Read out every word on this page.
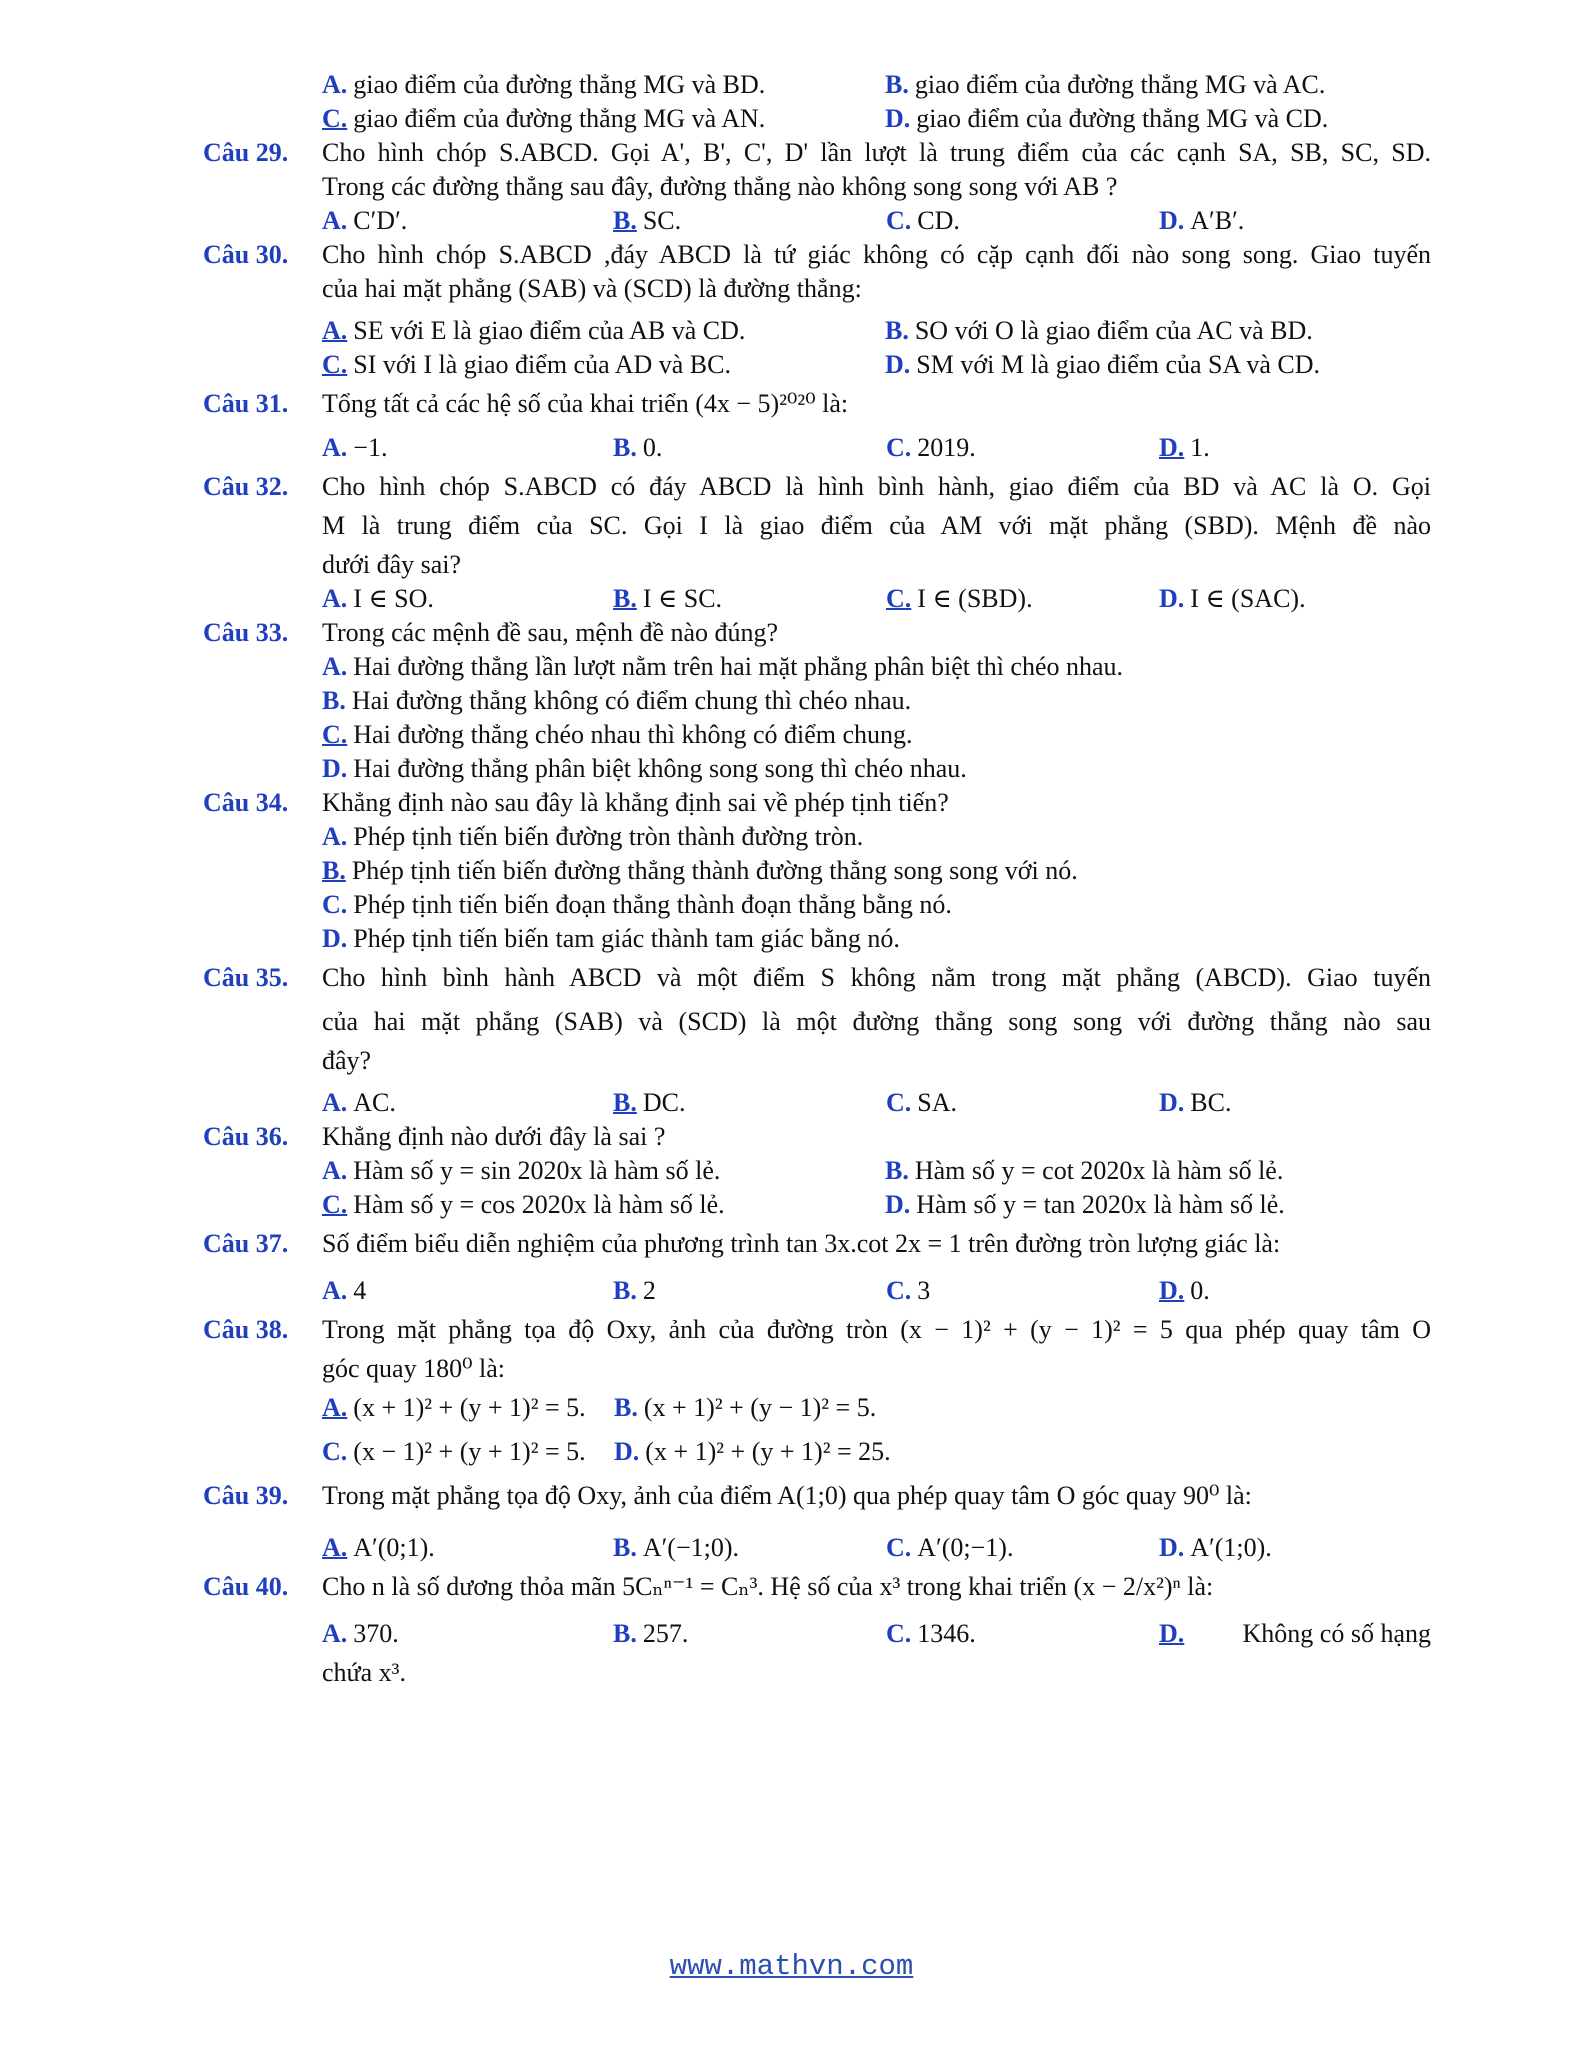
A. giao điểm của đường thẳng MG và BD.	B. giao điểm của đường thẳng MG và AC.
C. giao điểm của đường thẳng MG và AN.	D. giao điểm của đường thẳng MG và CD.
Câu 29. Cho hình chóp S.ABCD. Gọi A', B', C', D' lần lượt là trung điểm của các cạnh SA, SB, SC, SD.
Trong các đường thẳng sau đây, đường thẳng nào không song song với AB ?
A. C′D′.	B. SC.	C. CD.	D. A′B′.
Câu 30. Cho hình chóp S.ABCD ,đáy ABCD là tứ giác không có cặp cạnh đối nào song song. Giao tuyến
của hai mặt phẳng (SAB) và (SCD) là đường thẳng:
A. SE với E là giao điểm của AB và CD.	B. SO với O là giao điểm của AC và BD.
C. SI với I là giao điểm của AD và BC.	D. SM với M là giao điểm của SA và CD.
Câu 31. Tổng tất cả các hệ số của khai triển (4x − 5)²⁰²⁰ là:
A. −1.	B. 0.	C. 2019.	D. 1.
Câu 32. Cho hình chóp S.ABCD có đáy ABCD là hình bình hành, giao điểm của BD và AC là O. Gọi
M là trung điểm của SC. Gọi I là giao điểm của AM với mặt phẳng (SBD). Mệnh đề nào
dưới đây sai?
A. I ∈ SO.	B. I ∈ SC.	C. I ∈ (SBD).	D. I ∈ (SAC).
Câu 33. Trong các mệnh đề sau, mệnh đề nào đúng?
A. Hai đường thẳng lần lượt nằm trên hai mặt phẳng phân biệt thì chéo nhau.
B. Hai đường thẳng không có điểm chung thì chéo nhau.
C. Hai đường thẳng chéo nhau thì không có điểm chung.
D. Hai đường thẳng phân biệt không song song thì chéo nhau.
Câu 34. Khẳng định nào sau đây là khẳng định sai về phép tịnh tiến?
A. Phép tịnh tiến biến đường tròn thành đường tròn.
B. Phép tịnh tiến biến đường thẳng thành đường thẳng song song với nó.
C. Phép tịnh tiến biến đoạn thẳng thành đoạn thẳng bằng nó.
D. Phép tịnh tiến biến tam giác thành tam giác bằng nó.
Câu 35. Cho hình bình hành ABCD và một điểm S không nằm trong mặt phẳng (ABCD). Giao tuyến
của hai mặt phẳng (SAB) và (SCD) là một đường thẳng song song với đường thẳng nào sau
đây?
A. AC.	B. DC.	C. SA.	D. BC.
Câu 36. Khẳng định nào dưới đây là sai ?
A. Hàm số y = sin 2020x là hàm số lẻ.	B. Hàm số y = cot 2020x là hàm số lẻ.
C. Hàm số y = cos 2020x là hàm số lẻ.	D. Hàm số y = tan 2020x là hàm số lẻ.
Câu 37. Số điểm biểu diễn nghiệm của phương trình tan 3x.cot 2x = 1 trên đường tròn lượng giác là:
A. 4	B. 2	C. 3	D. 0.
Câu 38. Trong mặt phẳng tọa độ Oxy, ảnh của đường tròn (x − 1)² + (y − 1)² = 5 qua phép quay tâm O
góc quay 180⁰ là:
A. (x + 1)² + (y + 1)² = 5.	B. (x + 1)² + (y − 1)² = 5.
C. (x − 1)² + (y + 1)² = 5.	D. (x + 1)² + (y + 1)² = 25.
Câu 39. Trong mặt phẳng tọa độ Oxy, ảnh của điểm A(1;0) qua phép quay tâm O góc quay 90⁰ là:
A. A′(0;1).	B. A′(−1;0).	C. A′(0;−1).	D. A′(1;0).
Câu 40. Cho n là số dương thỏa mãn 5Cₙⁿ⁻¹ = Cₙ³. Hệ số của x³ trong khai triển (x − 2/x²)ⁿ là:
A. 370.	B. 257.	C. 1346.	D. Không có số hạng
chứa x³.
www.mathvn.com
